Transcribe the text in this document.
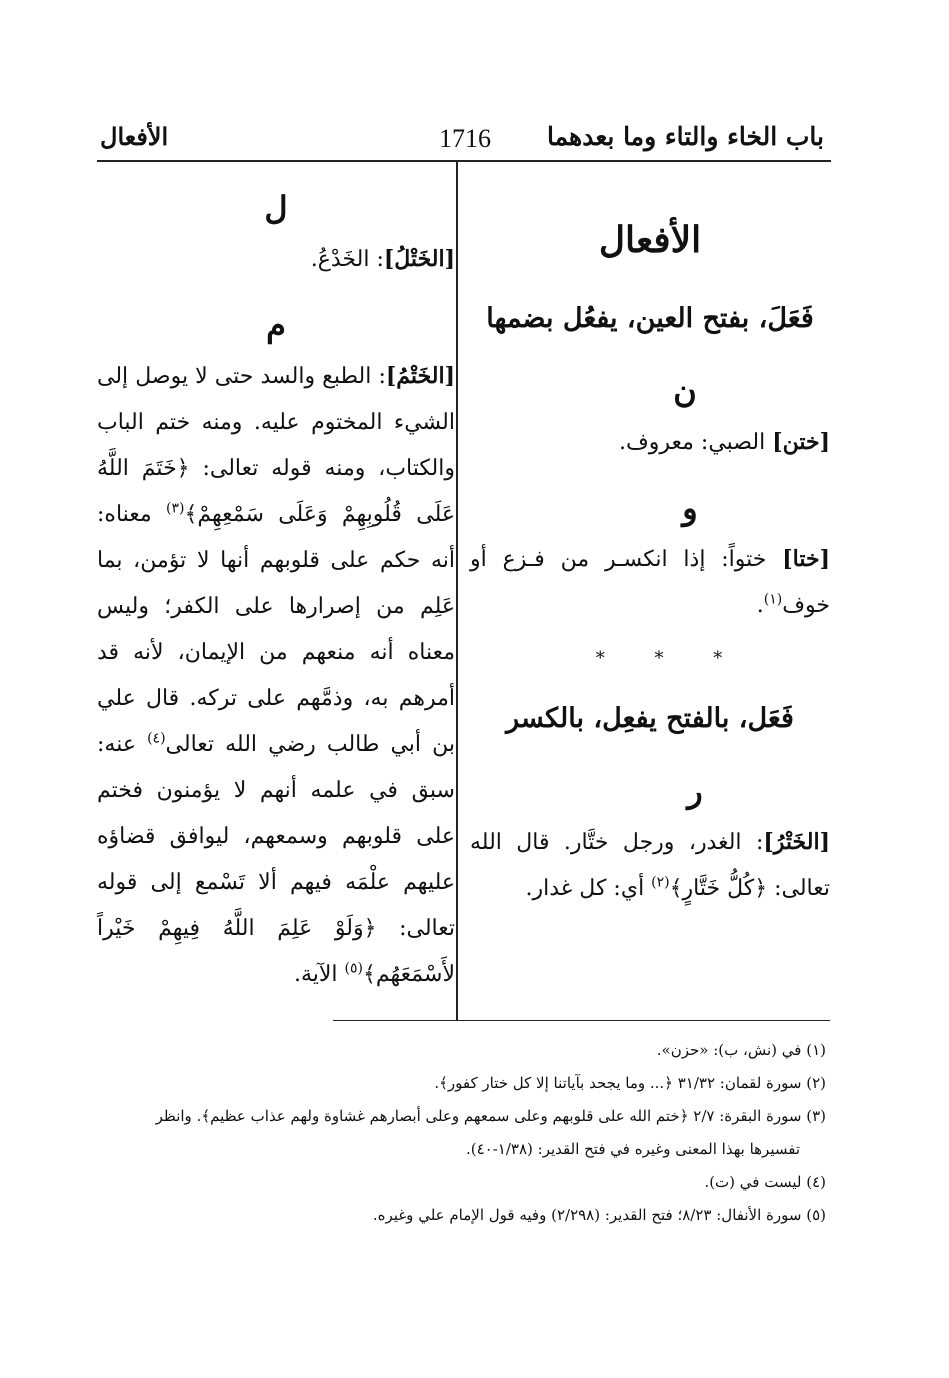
باب الخاء والتاء وما بعدهما
1716
الأفعال
الأفعال
فَعَلَ، بفتح العين، يفعُل بضمها
ن
[ختن] الصبي: معروف.
و
[ختا] ختواً: إذا انكسـر من فـزع أو خوف$^{(١)}$.
* * *
فَعَل، بالفتح يفعِل، بالكسر
ر
[الخَتْرُ]: الغدر، ورجل ختَّار. قال الله تعالى: ﴿كُلُّ خَتَّارٍ﴾$^{(٢)}$ أي: كل غدار.
ل
[الخَتْلُ]: الخَدْعُ.
م
[الخَتْمُ]: الطبع والسد حتى لا يوصل إلى الشيء المختوم عليه. ومنه ختم الباب والكتاب، ومنه قوله تعالى: ﴿خَتَمَ اللَّهُ عَلَى قُلُوبِهِمْ وَعَلَى سَمْعِهِمْ﴾$^{(٣)}$ معناه: أنه حكم على قلوبهم أنها لا تؤمن، بما عَلِم من إصرارها على الكفر؛ وليس معناه أنه منعهم من الإيمان، لأنه قد أمرهم به، وذمَّهم على تركه. قال علي بن أبي طالب رضي الله تعالى$^{(٤)}$ عنه: سبق في علمه أنهم لا يؤمنون فختم على قلوبهم وسمعهم، ليوافق قضاؤه عليهم علْمَه فيهم ألا تَسْمع إلى قوله تعالى: ﴿وَلَوْ عَلِمَ اللَّهُ فِيهِمْ خَيْراً لأَسْمَعَهُم﴾$^{(٥)}$ الآية.
(١) في (نش، ب): «حزن».
(٢) سورة لقمان: ٣١/٣٢ ﴿... وما يجحد بآياتنا إلا كل ختار كفور﴾.
(٣) سورة البقرة: ٢/٧ ﴿ختم الله على قلوبهم وعلى سمعهم وعلى أبصارهم غشاوة ولهم عذاب عظيم﴾. وانظر
تفسيرها بهذا المعنى وغيره في فتح القدير: (١/٣٨-٤٠).
(٤) ليست في (ت).
(٥) سورة الأنفال: ٨/٢٣؛ فتح القدير: (٢/٢٩٨) وفيه قول الإمام علي وغيره.
